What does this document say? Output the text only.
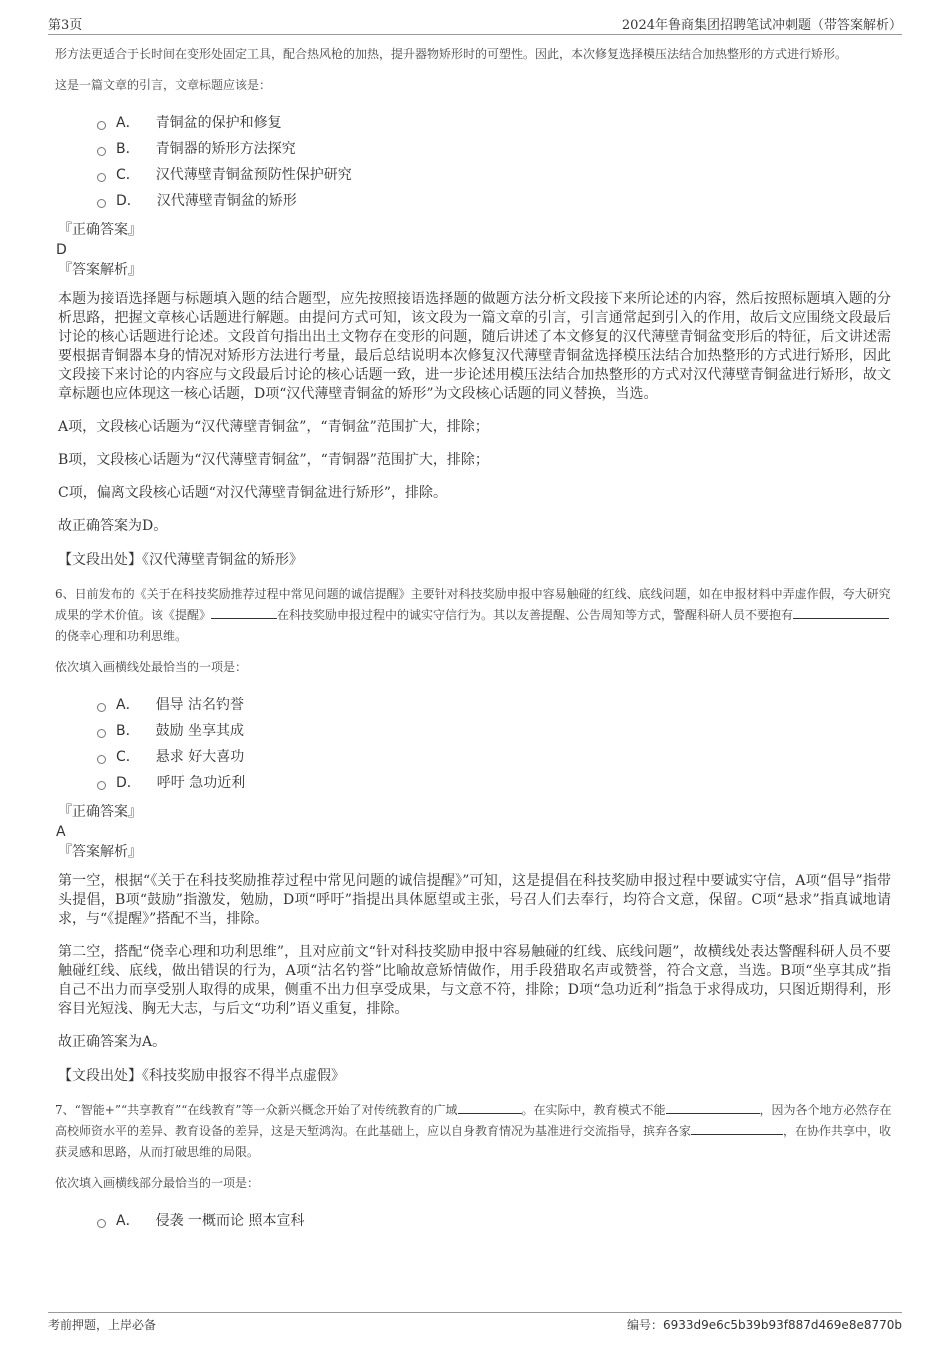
第3页	2024年鲁商集团招聘笔试冲刺题（带答案解析）

形方法更适合于长时间在变形处固定工具，配合热风枪的加热，提升器物矫形时的可塑性。因此，本次修复选择模压法结合加热整形的方式进行矫形。

这是一篇文章的引言，文章标题应该是：

A． 青铜盆的保护和修复
B． 青铜器的矫形方法探究
C． 汉代薄壁青铜盆预防性保护研究
D． 汉代薄壁青铜盆的矫形
『正确答案』
D
『答案解析』

本题为接语选择题与标题填入题的结合题型，应先按照接语选择题的做题方法分析文段接下来所论述的内容，然后按照标题填入题的分析思路，把握文章核心话题进行解题。由提问方式可知，该文段为一篇文章的引言，引言通常起到引入的作用，故后文应围绕文段最后讨论的核心话题进行论述。文段首句指出出土文物存在变形的问题，随后讲述了本文修复的汉代薄壁青铜盆变形后的特征，后文讲述需要根据青铜器本身的情况对矫形方法进行考量，最后总结说明本次修复汉代薄壁青铜盆选择模压法结合加热整形的方式进行矫形，因此文段接下来讨论的内容应与文段最后讨论的核心话题一致，进一步论述用模压法结合加热整形的方式对汉代薄壁青铜盆进行矫形，故文章标题也应体现这一核心话题，D项“汉代薄壁青铜盆的矫形”为文段核心话题的同义替换，当选。

A项，文段核心话题为“汉代薄壁青铜盆”，“青铜盆”范围扩大，排除；

B项，文段核心话题为“汉代薄壁青铜盆”，“青铜器”范围扩大，排除；

C项，偏离文段核心话题“对汉代薄壁青铜盆进行矫形”，排除。

故正确答案为D。

【文段出处】《汉代薄壁青铜盆的矫形》

6、日前发布的《关于在科技奖励推荐过程中常见问题的诚信提醒》主要针对科技奖励申报中容易触碰的红线、底线问题，如在申报材料中弄虚作假，夸大研究成果的学术价值。该《提醒》	在科技奖励申报过程中的诚实守信行为。其以友善提醒、公告周知等方式，警醒科研人员不要抱有的侥幸心理和功利思维。

依次填入画横线处最恰当的一项是：

A． 倡导 沽名钓誉
B． 鼓励 坐享其成
C． 悬求 好大喜功
D． 呼吁 急功近利
『正确答案』
A
『答案解析』

第一空，根据“《关于在科技奖励推荐过程中常见问题的诚信提醒》”可知，这是提倡在科技奖励申报过程中要诚实守信，A项“倡导”指带头提倡，B项“鼓励”指激发，勉励，D项“呼吁”指提出具体愿望或主张，号召人们去奉行，均符合文意，保留。C项“悬求”指真诚地请求，与“《提醒》”搭配不当，排除。

第二空，搭配“侥幸心理和功利思维”，且对应前文“针对科技奖励申报中容易触碰的红线、底线问题”，故横线处表达警醒科研人员不要触碰红线、底线，做出错误的行为，A项“沽名钓誉”比喻故意矫情做作，用手段猎取名声或赞誉，符合文意，当选。B项“坐享其成”指自己不出力而享受别人取得的成果，侧重不出力但享受成果，与文意不符，排除；D项“急功近利”指急于求得成功，只图近期得利，形容目光短浅、胸无大志，与后文“功利”语义重复，排除。

故正确答案为A。

【文段出处】《科技奖励申报容不得半点虚假》

7、“智能+”“共享教育”“在线教育”等一众新兴概念开始了对传统教育的广域	。在实际中，教育模式不能	，因为各个地方必然存在高校师资水平的差异、教育设备的差异，这是天堑鸿沟。在此基础上，应以自身教育情况为基准进行交流指导，摈弃各家	，在协作共享中，收获灵感和思路，从而打破思维的局限。

依次填入画横线部分最恰当的一项是：

A． 侵袭 一概而论 照本宣科
考前押题，上岸必备	编号：6933d9e6c5b39b93f887d469e8e8770b
